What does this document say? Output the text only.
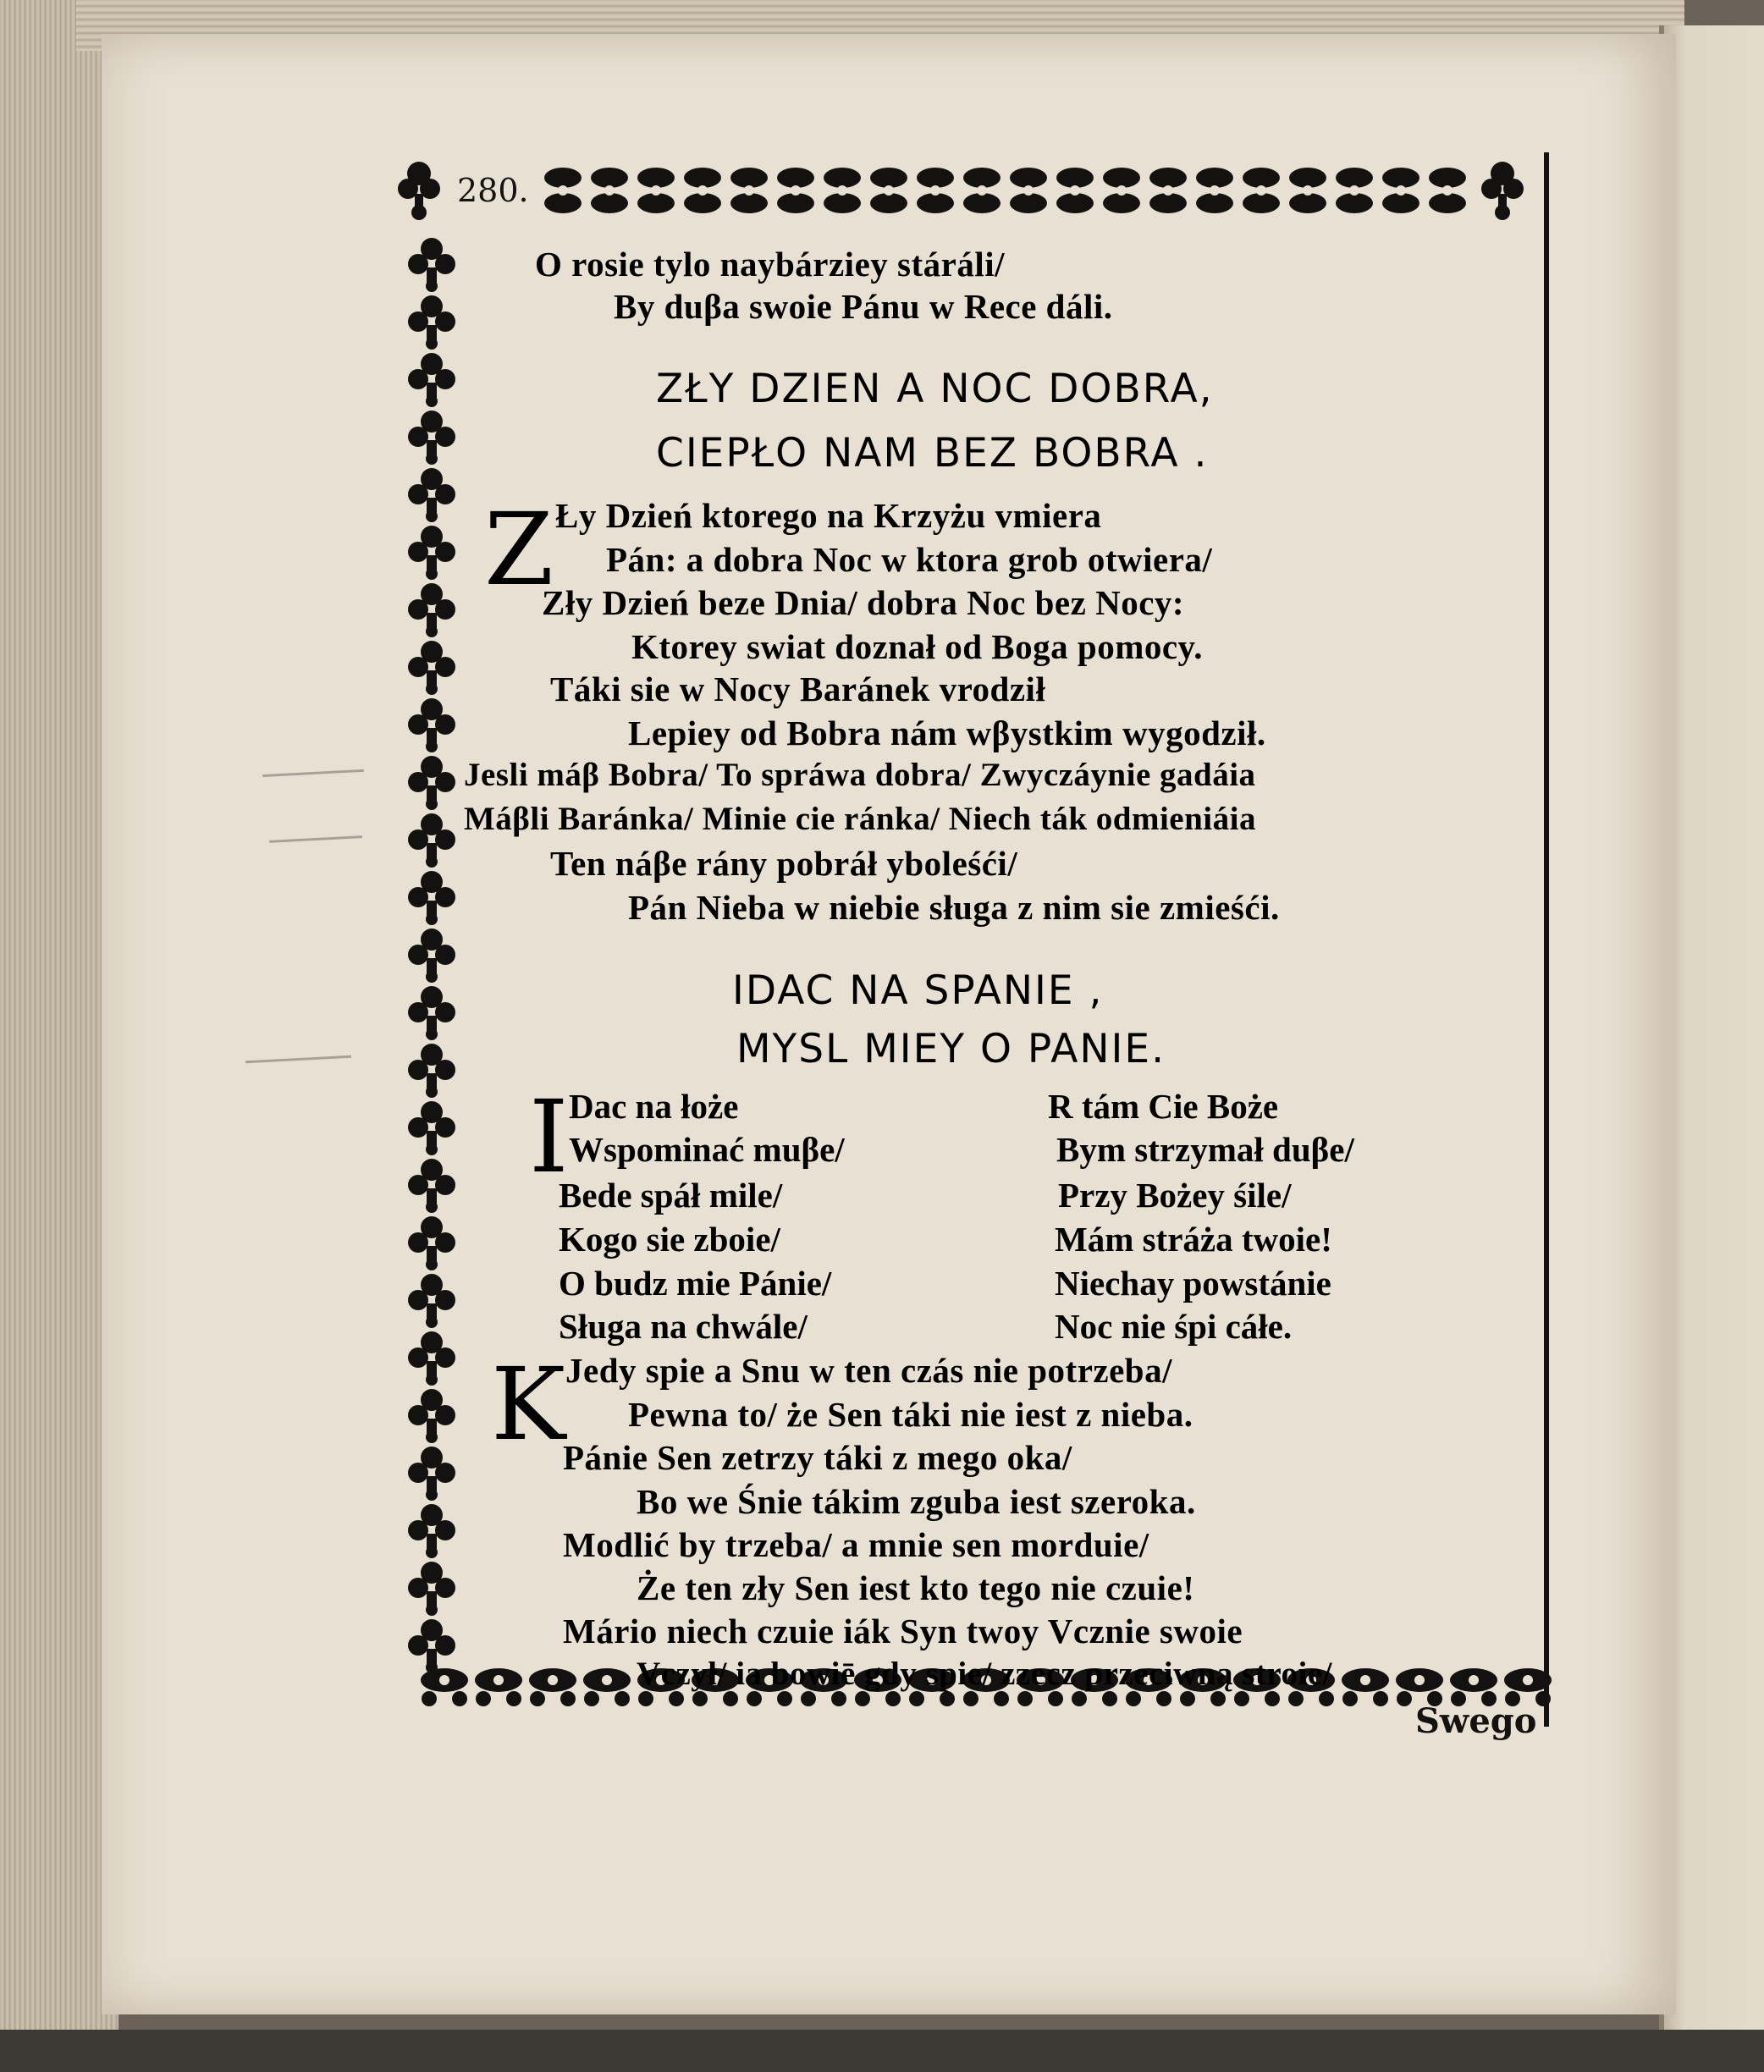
280.
O rosie tylo naybárziey stáráli/
By duβa swoie Pánu w Rece dáli.
ZŁY DZIEN A NOC DOBRA,
CIEPŁO NAM BEZ BOBRA .
Z Ły Dzień ktorego na Krzyżu vmiera
Pán: a dobra Noc w ktora grob otwiera/
Zły Dzień beze Dnia/ dobra Noc bez Nocy:
Ktorey swiat doznał od Boga pomocy.
Táki sie w Nocy Baránek vrodził
Lepiey od Bobra nám wβystkim wygodził.
Jesli máβ Bobra/ To spráwa dobra/ Zwyczáynie gadáia
Máβli Baránka/ Minie cie ránka/ Niech ták odmieniáia
Ten náβe rány pobráł yboleśći/
Pán Nieba w niebie sługa z nim sie zmieśći.
IDAC NA SPANIE ,
MYSL MIEY O PANIE.
I Dac na łoże
Wspominać muβe/
Bede spáł mile/
Kogo sie zboie/
O budz mie Pánie/
Sługa na chwále/
R tám Cie Boże
Bym strzymał duβe/
Przy Bożey śile/
Mám stráża twoie!
Niechay powstánie
Noc nie śpi cáłe.
K Jedy spie a Snu w ten czás nie potrzeba/
Pewna to/ że Sen táki nie iest z nieba.
Pánie Sen zetrzy táki z mego oka/
Bo we Śnie tákim zguba iest szeroka.
Modlić by trzeba/ a mnie sen morduie/
Że ten zły Sen iest kto tego nie czuie!
Mário niech czuie iák Syn twoy Vcznie swoie
Vczył/ ia bowiē gdy spie/ zzecz przeciwną stroie/
Swego
